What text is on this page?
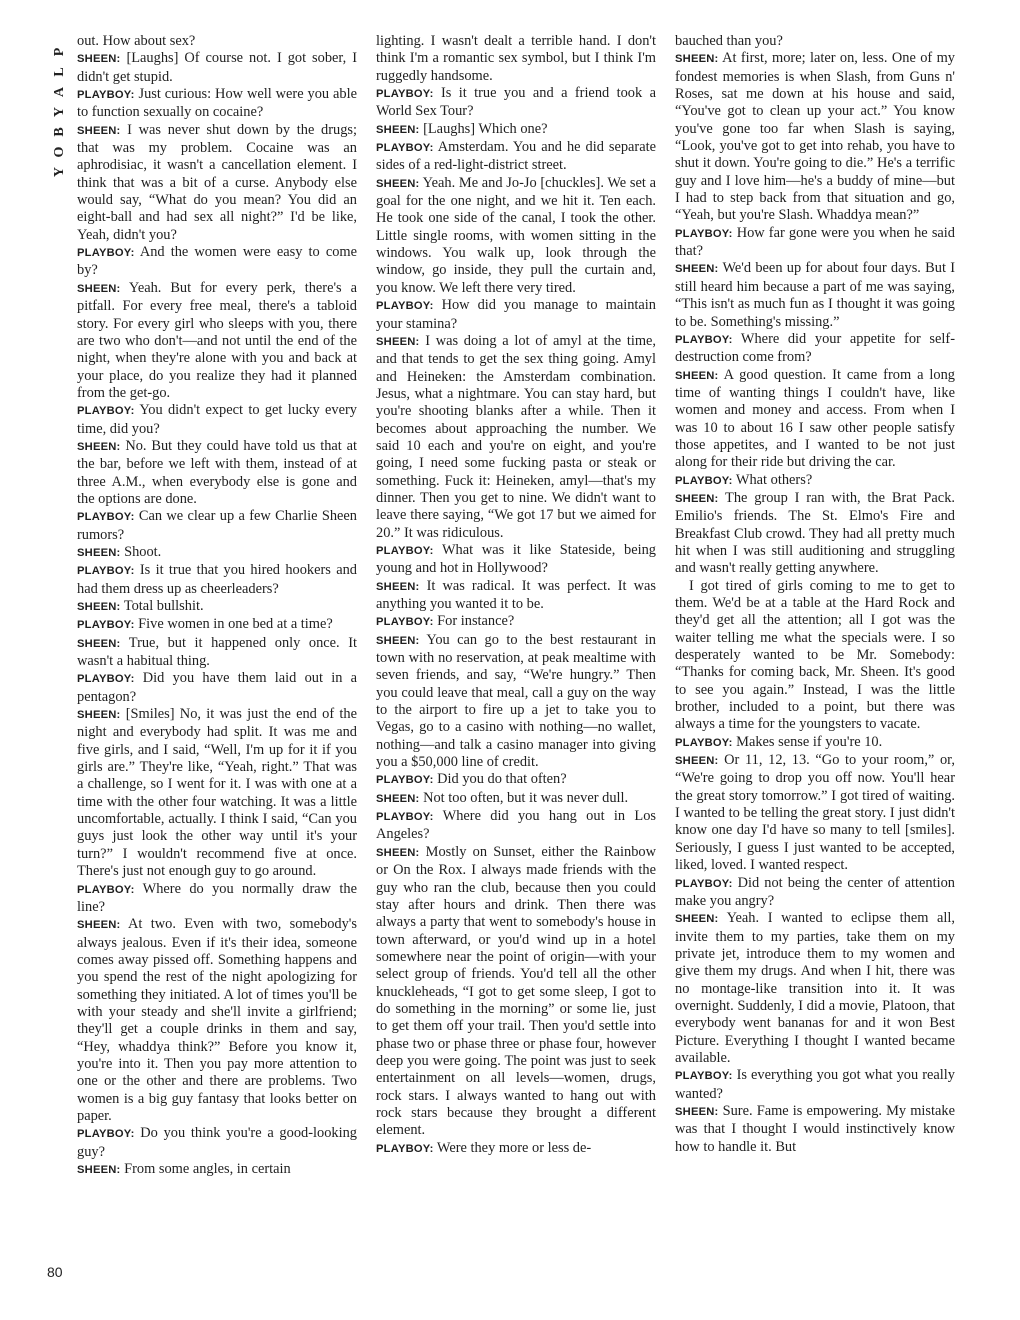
P
L
A
Y
B
O
Y

out. How about sex?

SHEEN: [Laughs] Of course not. I got sober, I didn't get stupid.

PLAYBOY: Just curious: How well were you able to function sexually on cocaine?

SHEEN: I was never shut down by the drugs; that was my problem. Cocaine was an aphrodisiac, it wasn't a cancellation element. I think that was a bit of a curse. Anybody else would say, “What do you mean? You did an eight-ball and had sex all night?” I'd be like, Yeah, didn't you?

PLAYBOY: And the women were easy to come by?

SHEEN: Yeah. But for every perk, there's a pitfall. For every free meal, there's a tabloid story. For every girl who sleeps with you, there are two who don't—and not until the end of the night, when they're alone with you and back at your place, do you realize they had it planned from the get-go.

PLAYBOY: You didn't expect to get lucky every time, did you?

SHEEN: No. But they could have told us that at the bar, before we left with them, instead of at three A.M., when everybody else is gone and the options are done.

PLAYBOY: Can we clear up a few Charlie Sheen rumors?

SHEEN: Shoot.

PLAYBOY: Is it true that you hired hookers and had them dress up as cheerleaders?

SHEEN: Total bullshit.

PLAYBOY: Five women in one bed at a time?

SHEEN: True, but it happened only once. It wasn't a habitual thing.

PLAYBOY: Did you have them laid out in a pentagon?

SHEEN: [Smiles] No, it was just the end of the night and everybody had split. It was me and five girls, and I said, “Well, I'm up for it if you girls are.” They're like, “Yeah, right.” That was a challenge, so I went for it. I was with one at a time with the other four watching. It was a little uncomfortable, actually. I think I said, “Can you guys just look the other way until it's your turn?” I wouldn't recommend five at once. There's just not enough guy to go around.

PLAYBOY: Where do you normally draw the line?

SHEEN: At two. Even with two, somebody's always jealous. Even if it's their idea, someone comes away pissed off. Something happens and you spend the rest of the night apologizing for something they initiated. A lot of times you'll be with your steady and she'll invite a girlfriend; they'll get a couple drinks in them and say, “Hey, whaddya think?” Before you know it, you're into it. Then you pay more attention to one or the other and there are problems. Two women is a big guy fantasy that looks better on paper.

PLAYBOY: Do you think you're a good-looking guy?

SHEEN: From some angles, in certain

lighting. I wasn't dealt a terrible hand. I don't think I'm a romantic sex symbol, but I think I'm ruggedly handsome.

PLAYBOY: Is it true you and a friend took a World Sex Tour?

SHEEN: [Laughs] Which one?

PLAYBOY: Amsterdam. You and he did separate sides of a red-light-district street.

SHEEN: Yeah. Me and Jo-Jo [chuckles]. We set a goal for the one night, and we hit it. Ten each. He took one side of the canal, I took the other. Little single rooms, with women sitting in the windows. You walk up, look through the window, go inside, they pull the curtain and, you know. We left there very tired.

PLAYBOY: How did you manage to maintain your stamina?

SHEEN: I was doing a lot of amyl at the time, and that tends to get the sex thing going. Amyl and Heineken: the Amsterdam combination. Jesus, what a nightmare. You can stay hard, but you're shooting blanks after a while. Then it becomes about approaching the number. We said 10 each and you're on eight, and you're going, I need some fucking pasta or steak or something. Fuck it: Heineken, amyl—that's my dinner. Then you get to nine. We didn't want to leave there saying, “We got 17 but we aimed for 20.” It was ridiculous.

PLAYBOY: What was it like Stateside, being young and hot in Hollywood?

SHEEN: It was radical. It was perfect. It was anything you wanted it to be.

PLAYBOY: For instance?

SHEEN: You can go to the best restaurant in town with no reservation, at peak mealtime with seven friends, and say, “We're hungry.” Then you could leave that meal, call a guy on the way to the airport to fire up a jet to take you to Vegas, go to a casino with nothing—no wallet, nothing—and talk a casino manager into giving you a $50,000 line of credit.

PLAYBOY: Did you do that often?

SHEEN: Not too often, but it was never dull.

PLAYBOY: Where did you hang out in Los Angeles?

SHEEN: Mostly on Sunset, either the Rainbow or On the Rox. I always made friends with the guy who ran the club, because then you could stay after hours and drink. Then there was always a party that went to somebody's house in town afterward, or you'd wind up in a hotel somewhere near the point of origin—with your select group of friends. You'd tell all the other knuckleheads, “I got to get some sleep, I got to do something in the morning” or some lie, just to get them off your trail. Then you'd settle into phase two or phase three or phase four, however deep you were going. The point was just to seek entertainment on all levels—women, drugs, rock stars. I always wanted to hang out with rock stars because they brought a different element.

PLAYBOY: Were they more or less de-

bauched than you?

SHEEN: At first, more; later on, less. One of my fondest memories is when Slash, from Guns n' Roses, sat me down at his house and said, “You've got to clean up your act.” You know you've gone too far when Slash is saying, “Look, you've got to get into rehab, you have to shut it down. You're going to die.” He's a terrific guy and I love him—he's a buddy of mine—but I had to step back from that situation and go, “Yeah, but you're Slash. Whaddya mean?”

PLAYBOY: How far gone were you when he said that?

SHEEN: We'd been up for about four days. But I still heard him because a part of me was saying, “This isn't as much fun as I thought it was going to be. Something's missing.”

PLAYBOY: Where did your appetite for self-destruction come from?

SHEEN: A good question. It came from a long time of wanting things I couldn't have, like women and money and access. From when I was 10 to about 16 I saw other people satisfy those appetites, and I wanted to be not just along for their ride but driving the car.

PLAYBOY: What others?

SHEEN: The group I ran with, the Brat Pack. Emilio's friends. The St. Elmo's Fire and Breakfast Club crowd. They had all pretty much hit when I was still auditioning and struggling and wasn't really getting anywhere.

I got tired of girls coming to me to get to them. We'd be at a table at the Hard Rock and they'd get all the attention; all I got was the waiter telling me what the specials were. I so desperately wanted to be Mr. Somebody: “Thanks for coming back, Mr. Sheen. It's good to see you again.” Instead, I was the little brother, included to a point, but there was always a time for the youngsters to vacate.

PLAYBOY: Makes sense if you're 10.

SHEEN: Or 11, 12, 13. “Go to your room,” or, “We're going to drop you off now. You'll hear the great story tomorrow.” I got tired of waiting. I wanted to be telling the great story. I just didn't know one day I'd have so many to tell [smiles]. Seriously, I guess I just wanted to be accepted, liked, loved. I wanted respect.

PLAYBOY: Did not being the center of attention make you angry?

SHEEN: Yeah. I wanted to eclipse them all, invite them to my parties, take them on my private jet, introduce them to my women and give them my drugs. And when I hit, there was no montage-like transition into it. It was overnight. Suddenly, I did a movie, Platoon, that everybody went bananas for and it won Best Picture. Everything I thought I wanted became available.

PLAYBOY: Is everything you got what you really wanted?

SHEEN: Sure. Fame is empowering. My mistake was that I thought I would instinctively know how to handle it. But

80
